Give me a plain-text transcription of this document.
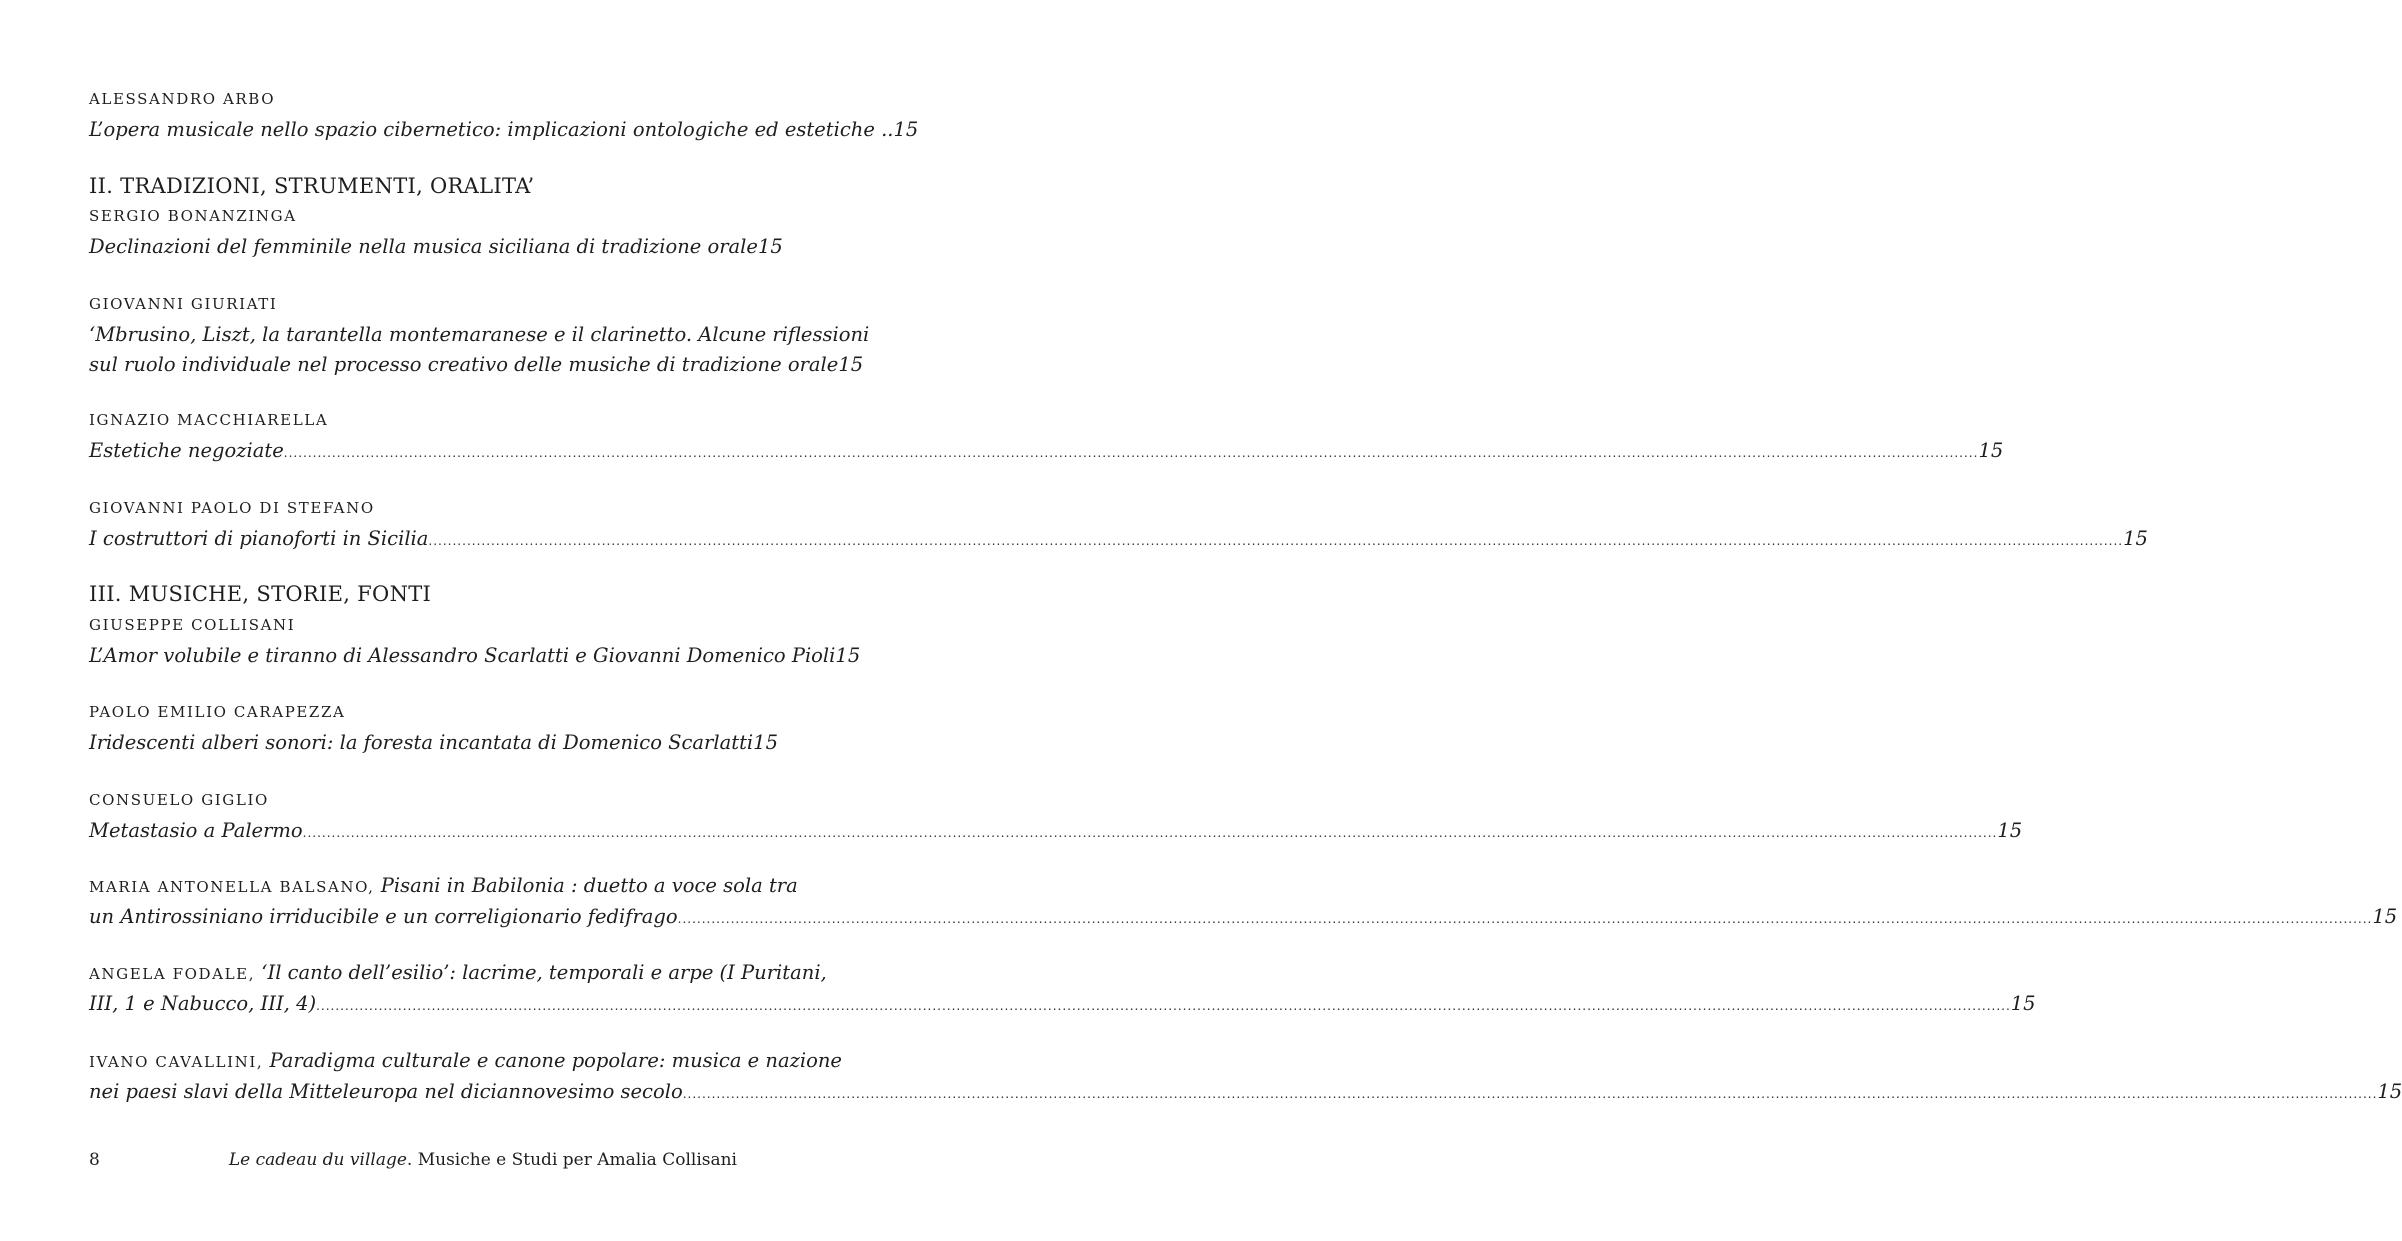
ALESSANDRO ARBO
L’opera musicale nello spazio cibernetico: implicazioni ontologiche ed estetiche ..15
II. TRADIZIONI, STRUMENTI, ORALITA’
SERGIO BONANZINGA
Declinazioni del femminile nella musica siciliana di tradizione orale 15
GIOVANNI GIURIATI
‘Mbrusino, Liszt, la tarantella montemaranese e il clarinetto. Alcune riflessioni
sul ruolo individuale nel processo creativo delle musiche di tradizione orale 15
IGNAZIO MACCHIARELLA
Estetiche negoziate .....	15
GIOVANNI PAOLO DI STEFANO
I costruttori di pianoforti in Sicilia .....	15
III. MUSICHE, STORIE, FONTI
GIUSEPPE COLLISANI
L’Amor volubile e tiranno di Alessandro Scarlatti e Giovanni Domenico Pioli 15
PAOLO EMILIO CARAPEZZA
Iridescenti alberi sonori: la foresta incantata di Domenico Scarlatti 15
CONSUELO GIGLIO
Metastasio a Palermo .....	15
MARIA ANTONELLA BALSANO, Pisani in Babilonia : duetto a voce sola tra
un Antirossiniano irriducibile e un correligionario fedifrago .....	15
ANGELA FODALE, ‘Il canto dell’esilio’: lacrime, temporali e arpe (I Puritani,
III, 1 e Nabucco, III, 4) .....	15
IVANO CAVALLINI, Paradigma culturale e canone popolare: musica e nazione
nei paesi slavi della Mitteleuropa nel diciannovesimo secolo .....	15
8	Le cadeau du village. Musiche e Studi per Amalia Collisani
